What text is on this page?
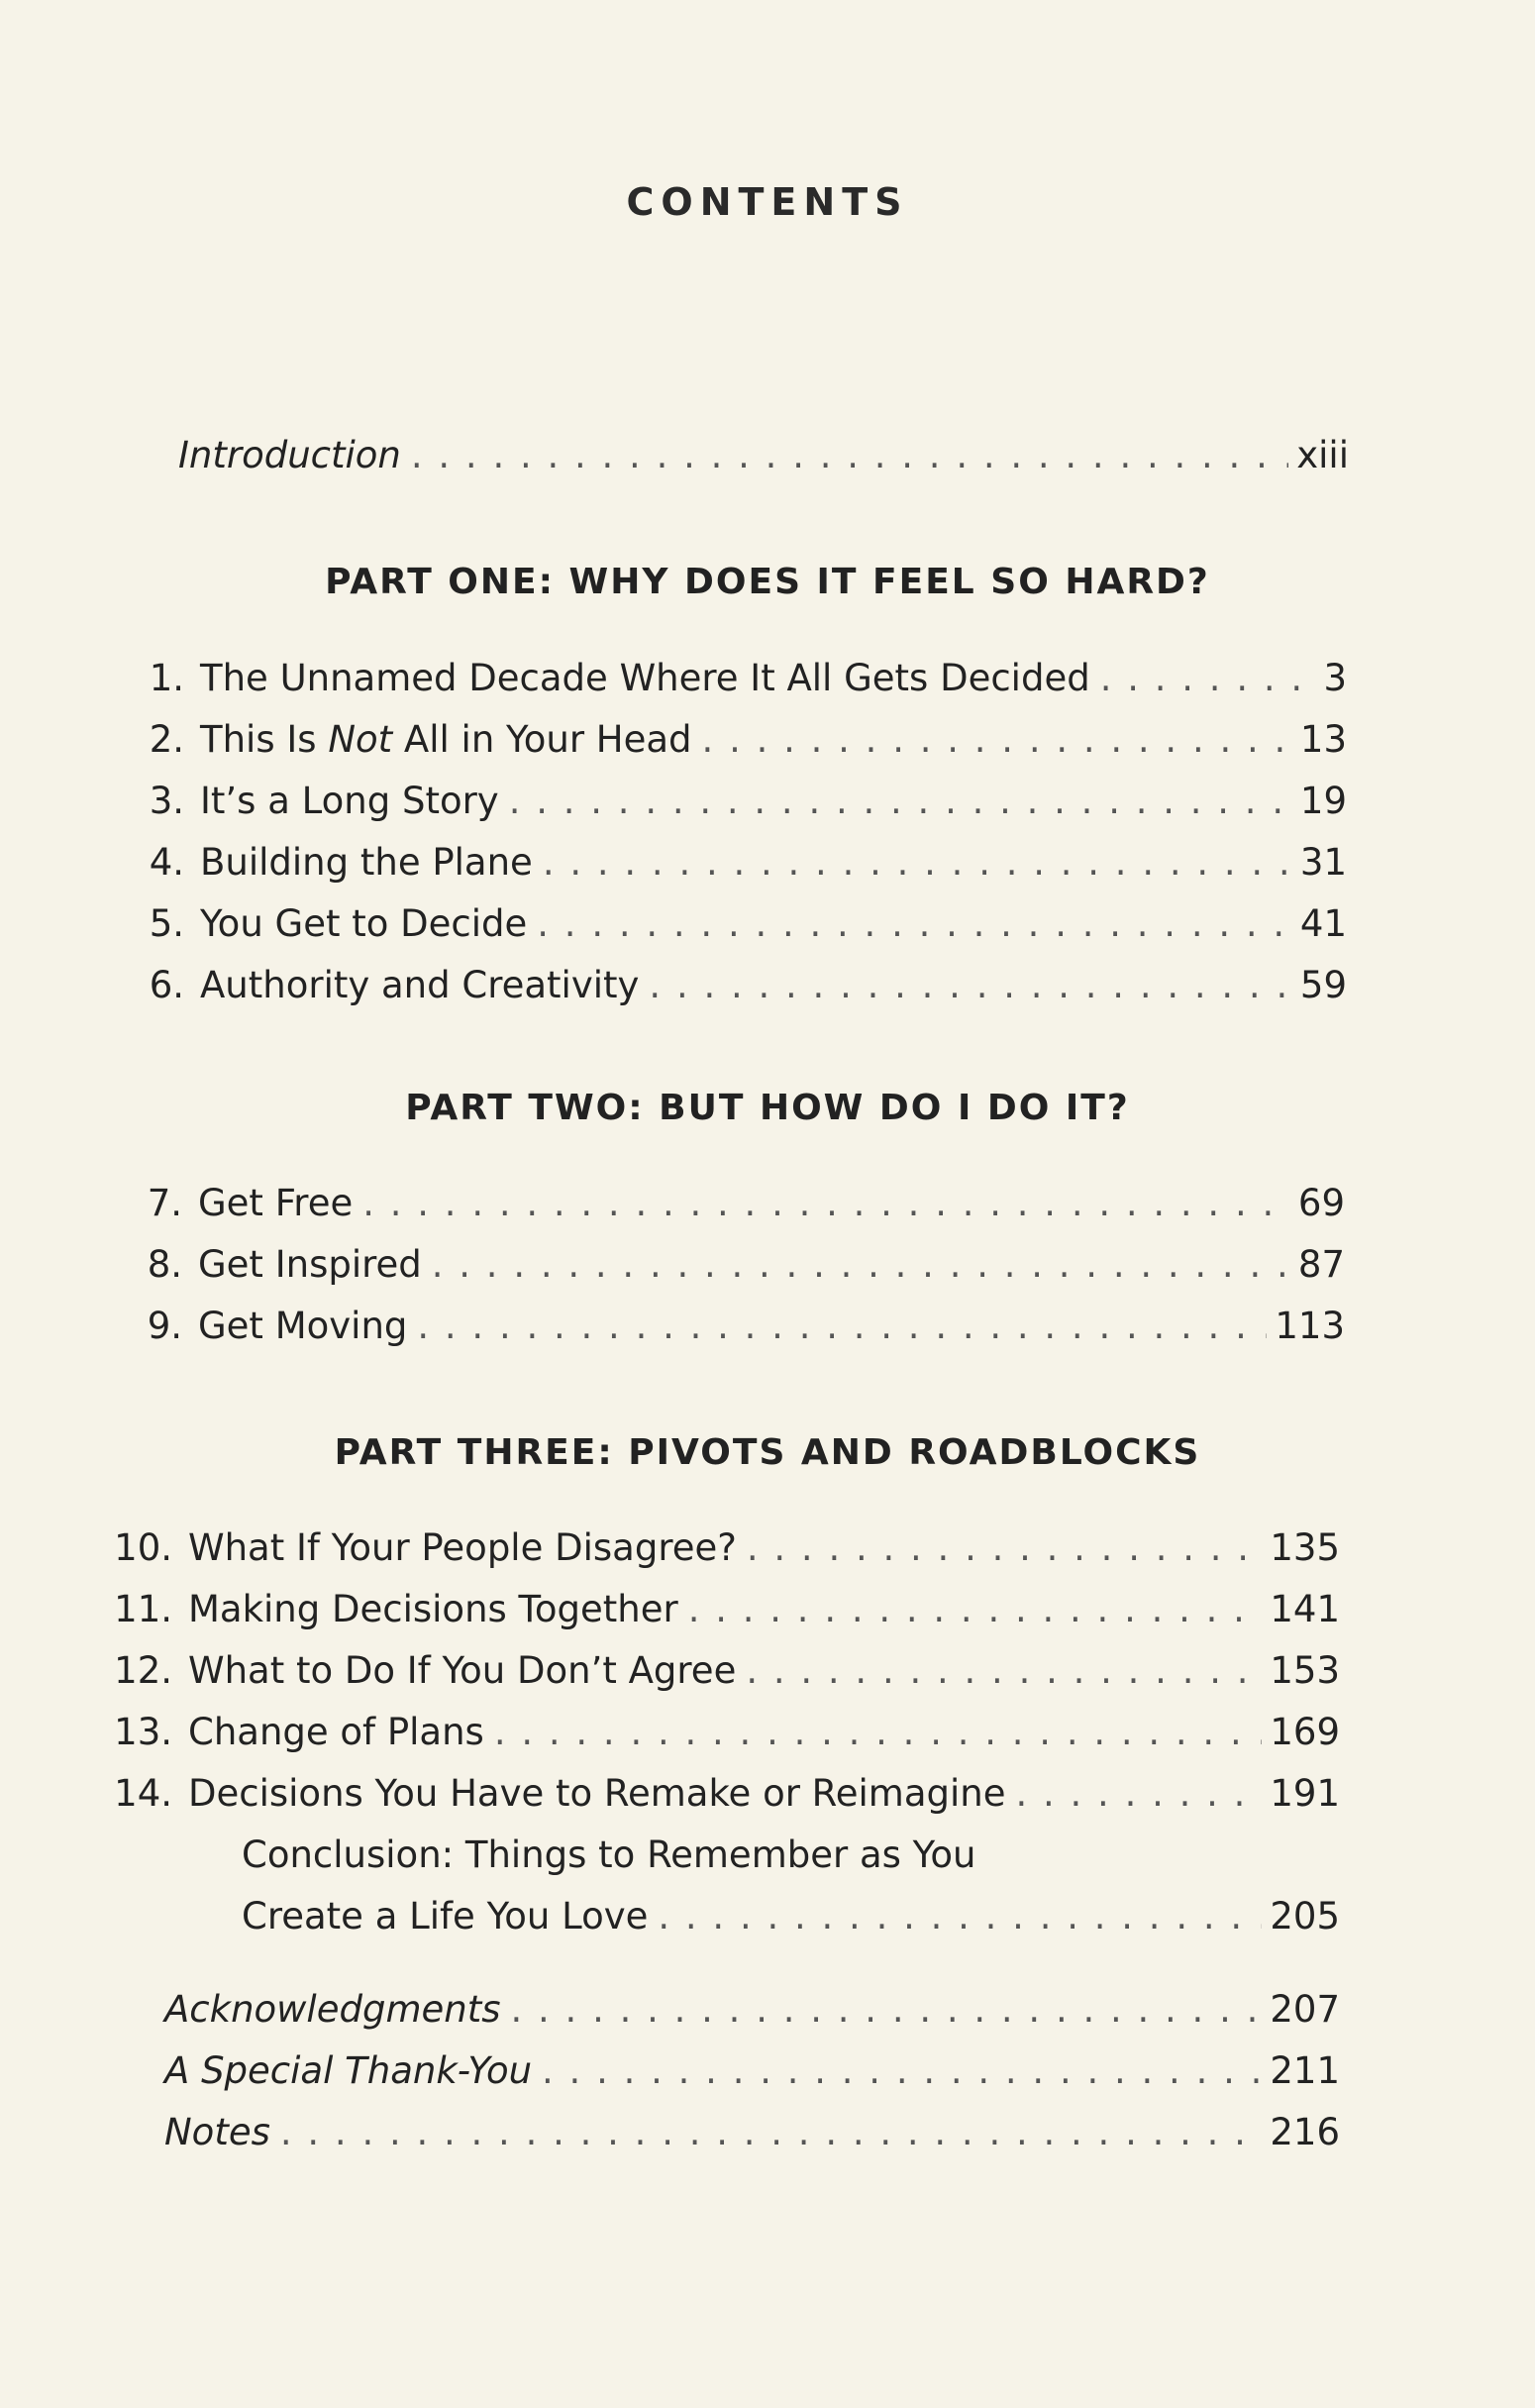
CONTENTS
Introduction . . .	xiii
PART ONE: WHY DOES IT FEEL SO HARD?
1. The Unnamed Decade Where It All Gets Decided . . .	3
2. This Is Not All in Your Head . . .	13
3. It’s a Long Story . . .	19
4. Building the Plane . . .	31
5. You Get to Decide . . .	41
6. Authority and Creativity . . .	59
PART TWO: BUT HOW DO I DO IT?
7. Get Free . . .	69
8. Get Inspired . . .	87
9. Get Moving . . .	113
PART THREE: PIVOTS AND ROADBLOCKS
10. What If Your People Disagree? . . .	135
11. Making Decisions Together . . .	141
12. What to Do If You Don’t Agree . . .	153
13. Change of Plans . . .	169
14. Decisions You Have to Remake or Reimagine . . .	191
Conclusion: Things to Remember as You
Create a Life You Love . . .	205
Acknowledgments . . .	207
A Special Thank-You . . .	211
Notes . . .	216
